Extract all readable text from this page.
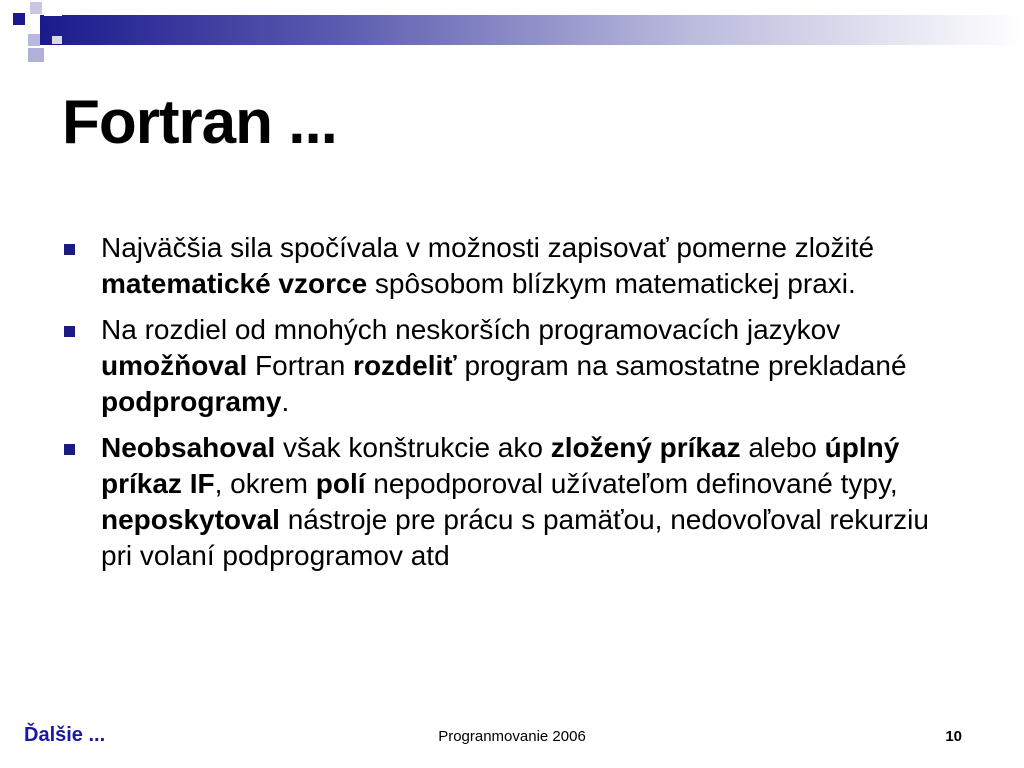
Fortran ...
Najväčšia sila spočívala v možnosti zapisovať pomerne zložité matematické vzorce spôsobom blízkym matematickej praxi.
Na rozdiel od mnohých neskorších programovacích jazykov umožňoval Fortran rozdeliť program na samostatne prekladané podprogramy.
Neobsahoval však konštrukcie ako zložený príkaz alebo úplný príkaz IF, okrem polí nepodporoval užívateľom definované typy, neposkytoval nástroje pre prácu s pamäťou, nedovoľoval rekurziu pri volaní podprogramov atd
Ďalšie ...	Progranmovanie 2006	10
